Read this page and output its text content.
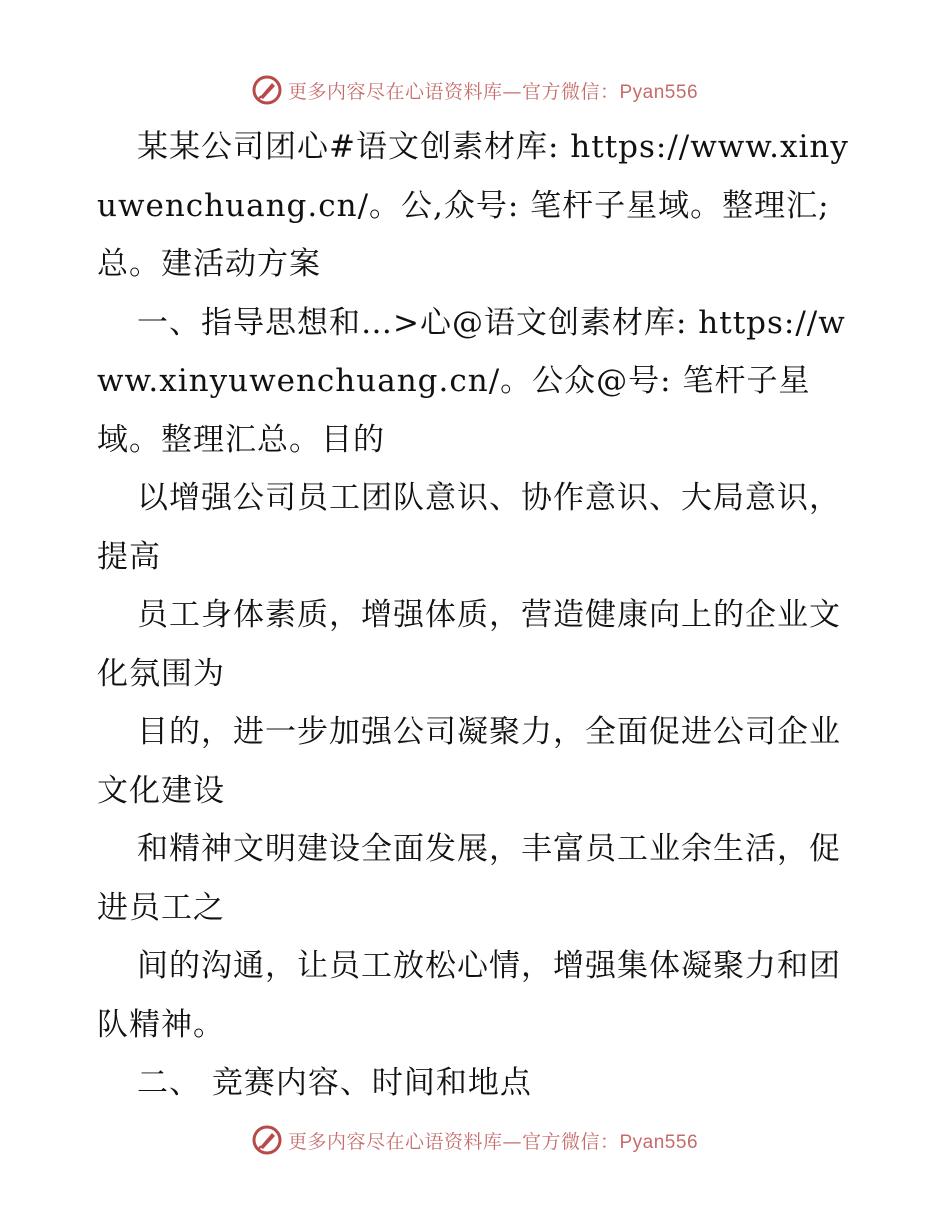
更多内容尽在心语资料库—官方微信：Pyan556

某某公司团心#语文创素材库: https://www.xinyuwenchuang.cn/。公,众号: 笔杆子星域。整理汇;总。建活动方案

一、指导思想和…>心@语文创素材库: https://www.xinyuwenchuang.cn/。公众@号: 笔杆子星域。整理汇总。目的

以增强公司员工团队意识、协作意识、大局意识，提高

员工身体素质，增强体质，营造健康向上的企业文化氛围为

目的，进一步加强公司凝聚力，全面促进公司企业文化建设

和精神文明建设全面发展，丰富员工业余生活，促进员工之

间的沟通，让员工放松心情，增强集体凝聚力和团队精神。

二、 竞赛内容、时间和地点

更多内容尽在心语资料库—官方微信：Pyan556
